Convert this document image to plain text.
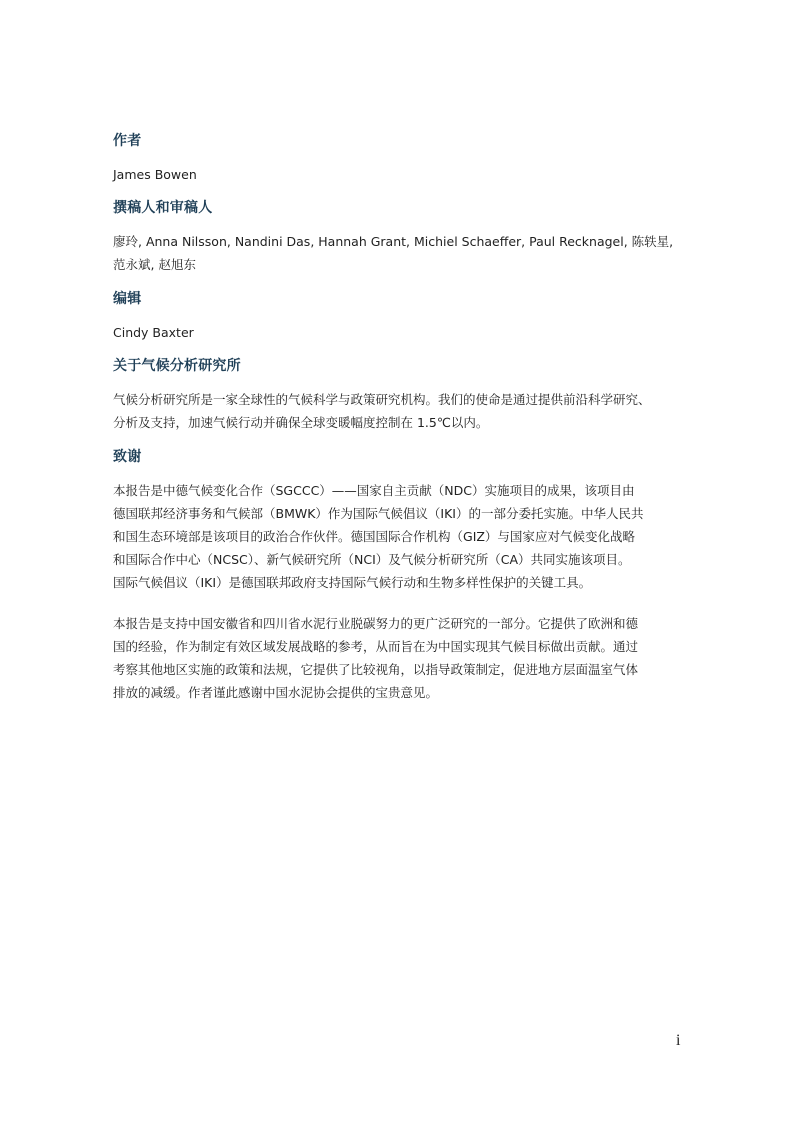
作者

James Bowen

撰稿人和审稿人

廖玲, Anna Nilsson, Nandini Das, Hannah Grant, Michiel Schaeffer, Paul Recknagel, 陈轶星,
范永斌, 赵旭东

编辑

Cindy Baxter

关于气候分析研究所

气候分析研究所是一家全球性的气候科学与政策研究机构。我们的使命是通过提供前沿科学研究、
分析及支持，加速气候行动并确保全球变暖幅度控制在 1.5℃以内。

致谢

本报告是中德气候变化合作（SGCCC）——国家自主贡献（NDC）实施项目的成果，该项目由
德国联邦经济事务和气候部（BMWK）作为国际气候倡议（IKI）的一部分委托实施。中华人民共
和国生态环境部是该项目的政治合作伙伴。德国国际合作机构（GIZ）与国家应对气候变化战略
和国际合作中心（NCSC）、新气候研究所（NCI）及气候分析研究所（CA）共同实施该项目。
国际气候倡议（IKI）是德国联邦政府支持国际气候行动和生物多样性保护的关键工具。

本报告是支持中国安徽省和四川省水泥行业脱碳努力的更广泛研究的一部分。它提供了欧洲和德
国的经验，作为制定有效区域发展战略的参考，从而旨在为中国实现其气候目标做出贡献。通过
考察其他地区实施的政策和法规，它提供了比较视角，以指导政策制定，促进地方层面温室气体
排放的减缓。作者谨此感谢中国水泥协会提供的宝贵意见。

i
